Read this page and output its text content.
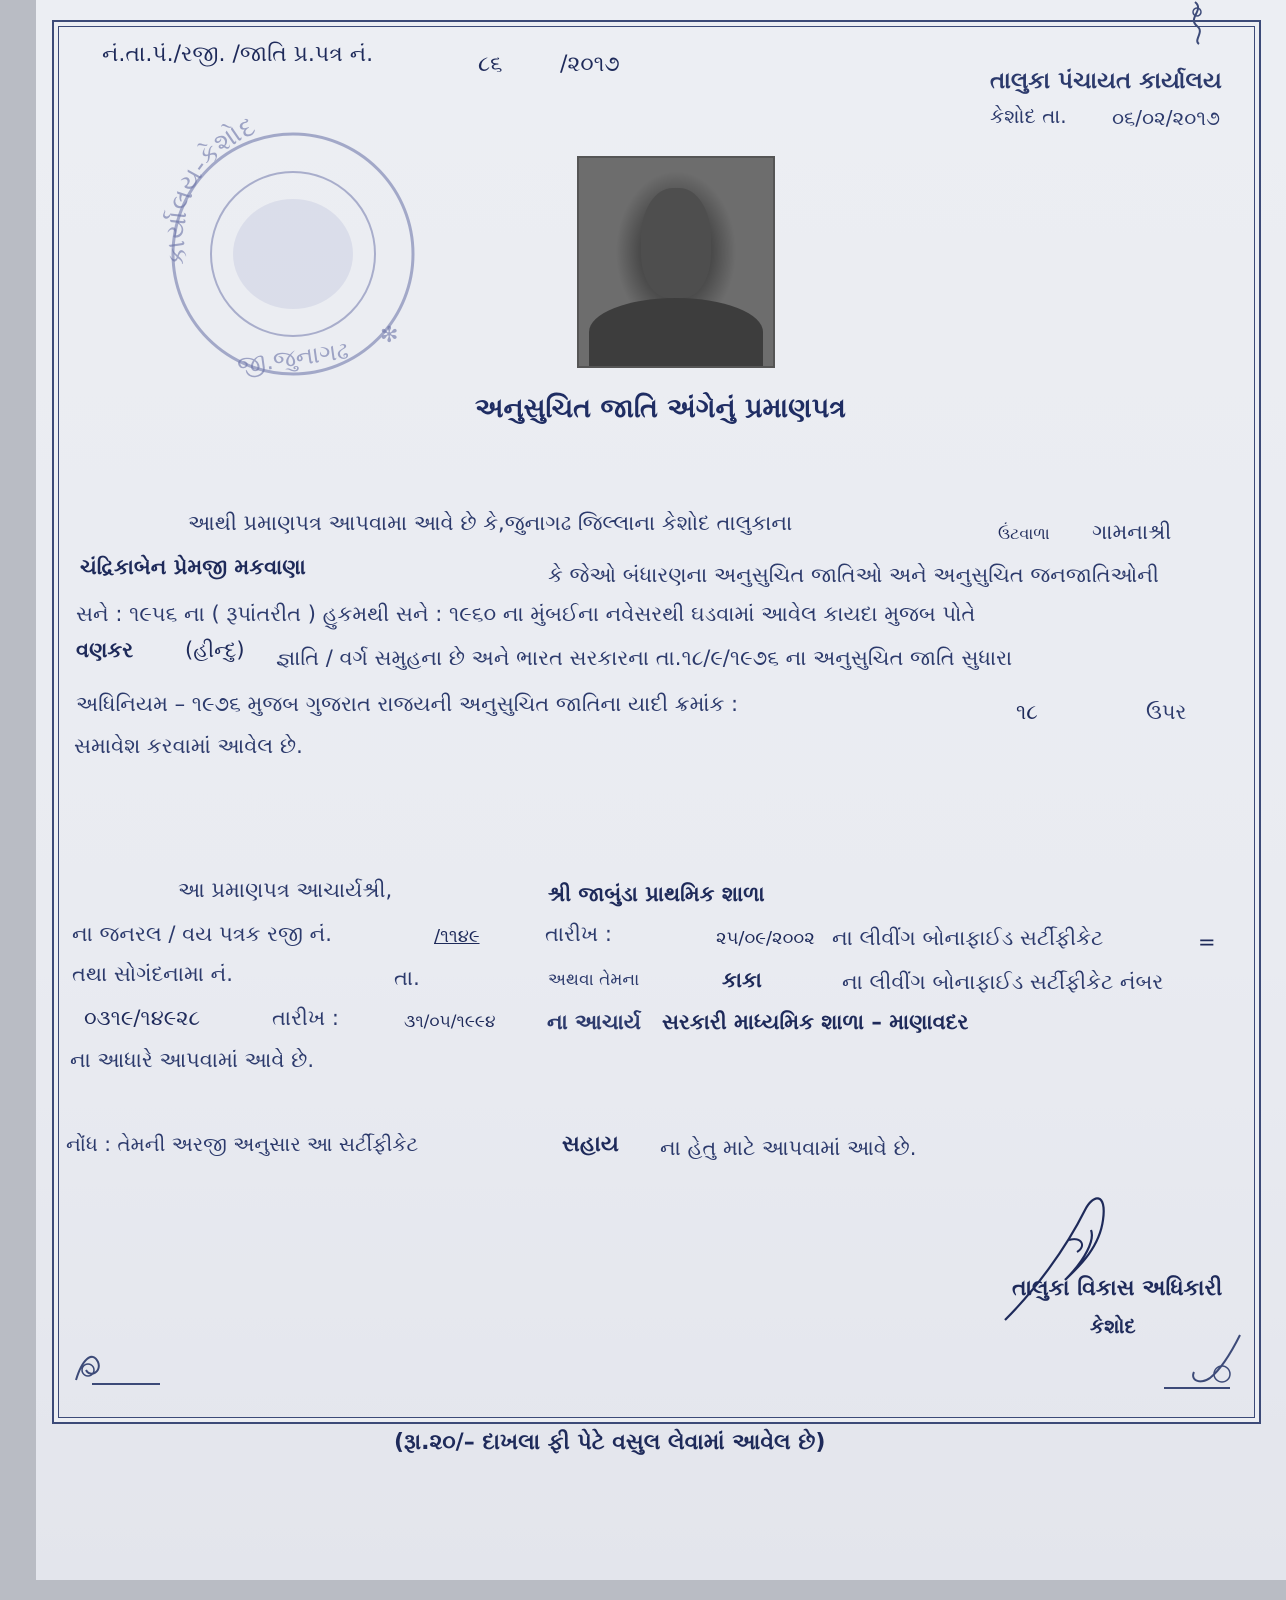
નં.તા.પં./રજી. /જાતિ પ્ર.પત્ર નં.	૮૬	/૨૦૧૭
તાલુકા પંચાયત કાર્યાલય
કેશોદ તા. ૦૬/૦૨/૨૦૧૭
કાર્યાલય-કેશોદ
જી.જુનાગઢ
✻
અનુસુચિત જાતિ અંગેનું પ્રમાણપત્ર
આથી પ્રમાણપત્ર આપવામા આવે છે કે,જુનાગઢ જિલ્લાના કેશોદ તાલુકાના	ઉંટવાળા ગામનાશ્રી
ચંદ્રિકાબેન પ્રેમજી મકવાણા	કે જેઓ બંધારણના અનુસુચિત જાતિઓ અને અનુસુચિત જનજાતિઓની
સને : ૧૯૫૬ ના ( રૂપાંતરીત ) હુકમથી સને : ૧૯૬૦ ના મુંબઈના નવેસરથી ઘડવામાં આવેલ કાયદા મુજબ પોતે
વણકર (હીન્દુ) જ્ઞાતિ / વર્ગ સમુહના છે અને ભારત સરકારના તા.૧૮/૯/૧૯૭૬ ના અનુસુચિત જાતિ સુધારા
અધિનિયમ – ૧૯૭૬ મુજબ ગુજરાત રાજયની અનુસુચિત જાતિના યાદી ક્રમાંક :	૧૮	ઉપર
સમાવેશ કરવામાં આવેલ છે.
આ પ્રમાણપત્ર આચાર્યશ્રી,	શ્રી જાબુંડા પ્રાથમિક શાળા
ના જનરલ / વય પત્રક રજી નં.	/૧૧૪૯	તારીખ :	૨૫/૦૯/૨૦૦૨ ના લીવીંગ બોનાફાઈડ સર્ટીફીકેટ	=
તથા સોગંદનામા નં.	તા.	અથવા તેમના	કાકા	ના લીવીંગ બોનાફાઈડ સર્ટીફીકેટ નંબર
૦૩૧૯/૧૪૯૨૮	તારીખ :	૩૧/૦૫/૧૯૯૪ ના આચાર્ય સરકારી માધ્યમિક શાળા – માણાવદર
ના આધારે આપવામાં આવે છે.
નોંધ : તેમની અરજી અનુસાર આ સર્ટીફીકેટ	સહાય ના હેતુ માટે આપવામાં આવે છે.
તાલુકા વિકાસ અધિકારી
કેશોદ
(રૂા.૨૦/– દાખલા ફી પેટે વસુલ લેવામાં આવેલ છે)
